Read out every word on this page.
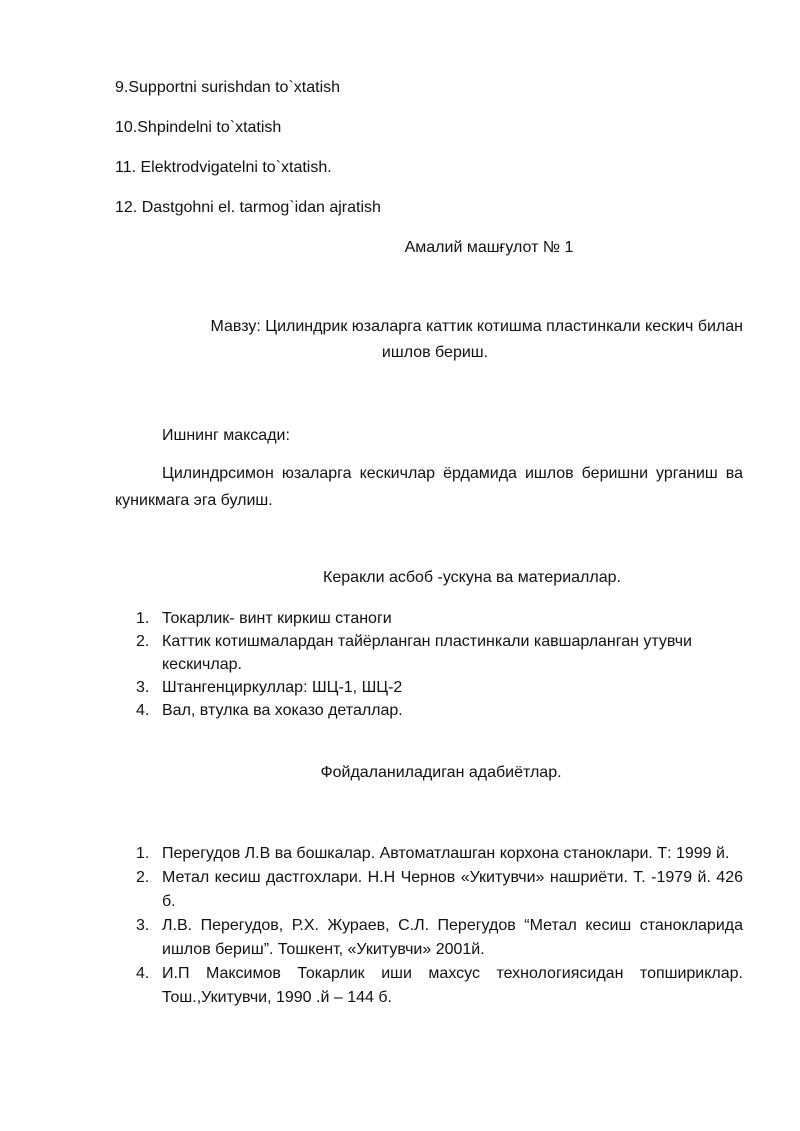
9.Supportni surishdan to`xtatish

10.Shpindelni to`xtatish

11. Elektrodvigatelni to`xtatish.

12. Dastgohni el. tarmog`idan ajratish

Амалий машғулот № 1

Мавзу: Цилиндрик юзаларга каттик котишма пластинкали кескич билан
ишлов бериш.

Ишнинг максади:

Цилиндрсимон юзаларга кескичлар ёрдамида ишлов беришни урганиш ва куникмага эга булиш.

Керакли асбоб -ускуна ва материаллар.

1. Токарлик- винт киркиш станоги
2. Каттик котишмалардан тайёрланган пластинкали кавшарланган утувчи кескичлар.
3. Штангенциркуллар: ШЦ-1, ШЦ-2
4. Вал, втулка ва хоказо деталлар.

Фойдаланиладиган адабиётлар.

1. Перегудов Л.В ва бошкалар. Автоматлашган корхона станоклари. Т: 1999 й.
2. Метал кесиш дастгохлари. Н.Н Чернов «Укитувчи» нашриёти. Т. -1979 й. 426 б.
3. Л.В. Перегудов, Р.Х. Жураев, С.Л. Перегудов “Метал кесиш станокларида ишлов бериш”. Тошкент, «Укитувчи» 2001й.
4. И.П Максимов Токарлик иши махсус технологиясидан топшириклар. Тош.,Укитувчи, 1990 .й – 144 б.
